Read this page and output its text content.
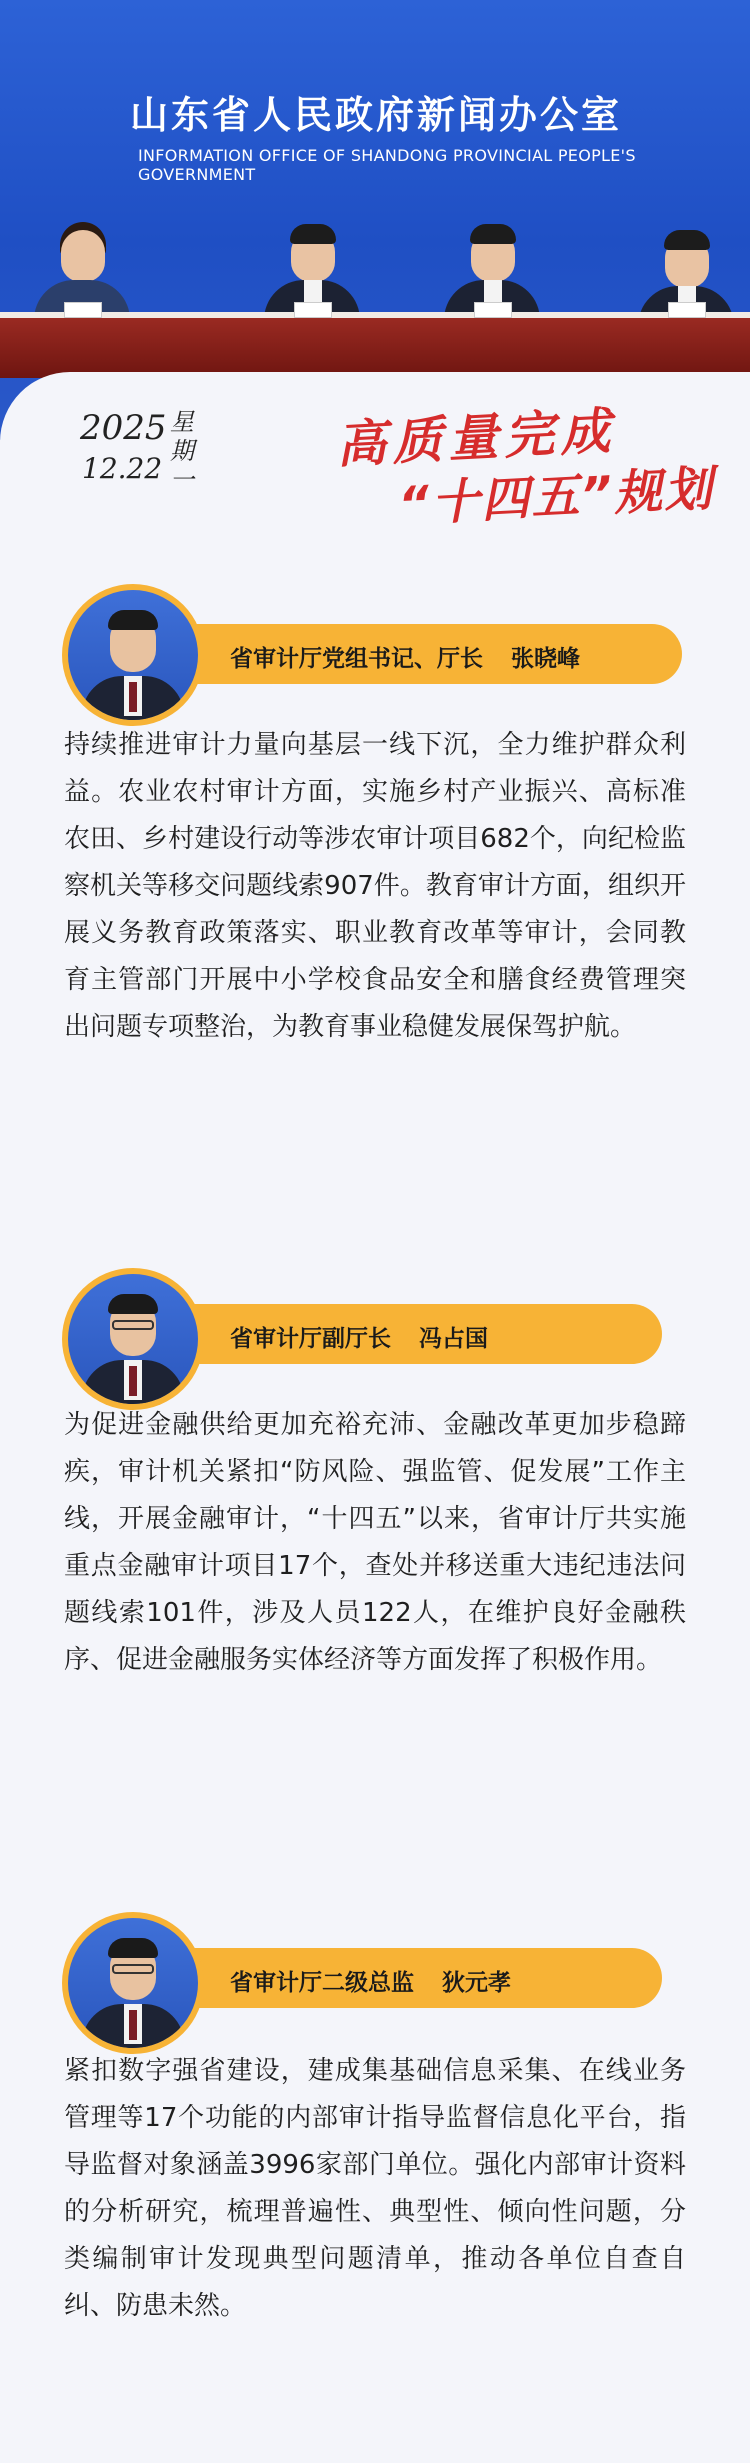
山东省人民政府新闻办公室
INFORMATION OFFICE OF SHANDONG PROVINCIAL PEOPLE'S GOVERNMENT
2025
12.22
星期一
高质量完成
“十四五”规划
省审计厅党组书记、厅长 张晓峰
持续推进审计力量向基层一线下沉，全力维护群众利益。农业农村审计方面，实施乡村产业振兴、高标准农田、乡村建设行动等涉农审计项目682个，向纪检监察机关等移交问题线索907件。教育审计方面，组织开展义务教育政策落实、职业教育改革等审计，会同教育主管部门开展中小学校食品安全和膳食经费管理突出问题专项整治，为教育事业稳健发展保驾护航。
省审计厅副厅长 冯占国
为促进金融供给更加充裕充沛、金融改革更加步稳蹄疾，审计机关紧扣“防风险、强监管、促发展”工作主线，开展金融审计，“十四五”以来，省审计厅共实施重点金融审计项目17个，查处并移送重大违纪违法问题线索101件，涉及人员122人，在维护良好金融秩序、促进金融服务实体经济等方面发挥了积极作用。
省审计厅二级总监 狄元孝
紧扣数字强省建设，建成集基础信息采集、在线业务管理等17个功能的内部审计指导监督信息化平台，指导监督对象涵盖3996家部门单位。强化内部审计资料的分析研究，梳理普遍性、典型性、倾向性问题，分类编制审计发现典型问题清单，推动各单位自查自纠、防患未然。
